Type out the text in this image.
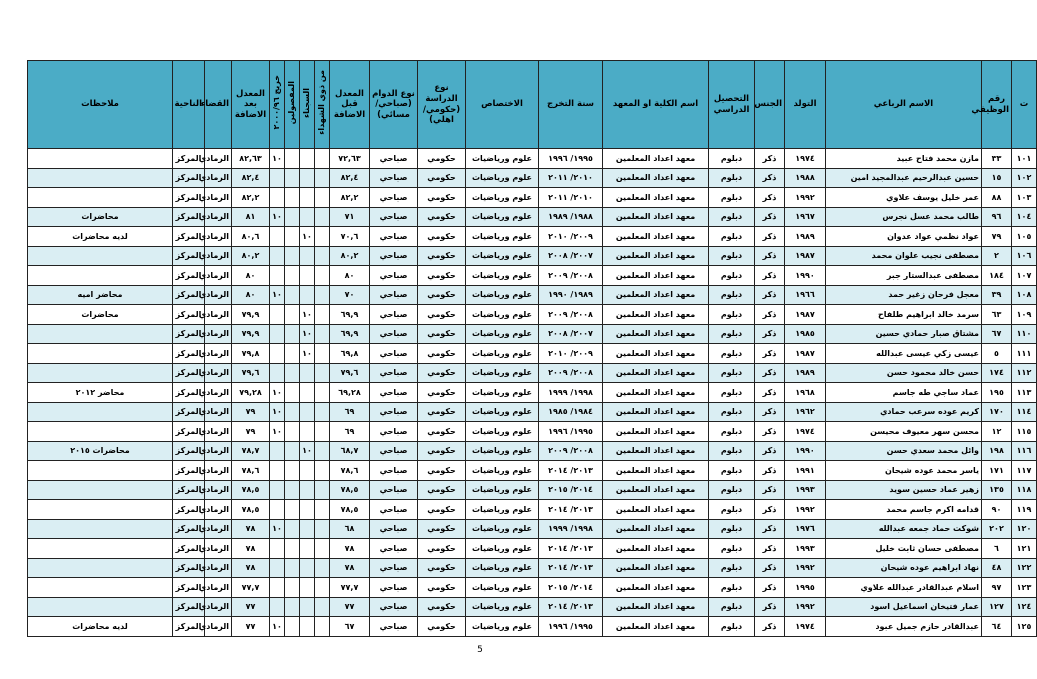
ت	رقم الوظيفي	الاسم الرباعي	التولد	الجنس	التحصيل الدراسي	اسم الكلية او المعهد	سنة التخرج	الاختصاص	نوع الدراسة (حكومي/اهلي)	نوع الدوام (صباحي/ مسائي)	المعدل قبل الاضافة	من ذوي الشهداء	السجناء	المفصولين	خريج ٢٠٠٠/٩٦	المعدل بعد الاضافة	القضاء	الناحية	ملاحظات
١٠١	٣٣	مازن محمد فتاح عبيد	١٩٧٤	ذكر	دبلوم	معهد اعداد المعلمين	١٩٩٥/ ١٩٩٦	علوم ورياضيات	حكومي	صباحي	٧٢,٦٣				١٠	٨٢,٦٣	الرمادي	المركز	
١٠٢	١٥	حسين عبدالرحيم عبدالمجيد امين	١٩٨٨	ذكر	دبلوم	معهد اعداد المعلمين	٢٠١٠/ ٢٠١١	علوم ورياضيات	حكومي	صباحي	٨٢,٤					٨٢,٤	الرمادي	المركز	
١٠٣	٨٨	عمر خليل يوسف علاوي	١٩٩٢	ذكر	دبلوم	معهد اعداد المعلمين	٢٠١٠/ ٢٠١١	علوم ورياضيات	حكومي	صباحي	٨٢,٢					٨٢,٢	الرمادي	المركز	
١٠٤	٩٦	طالب محمد عسل نجرس	١٩٦٧	ذكر	دبلوم	معهد اعداد المعلمين	١٩٨٨/ ١٩٨٩	علوم ورياضيات	حكومي	صباحي	٧١				١٠	٨١	الرمادي	المركز	محاضرات
١٠٥	٧٩	عواد نظمي عواد عدوان	١٩٨٩	ذكر	دبلوم	معهد اعداد المعلمين	٢٠٠٩/ ٢٠١٠	علوم ورياضيات	حكومي	صباحي	٧٠,٦		١٠			٨٠,٦	الرمادي	المركز	لديه محاضرات
١٠٦	٢	مصطفى نجيب علوان محمد	١٩٨٧	ذكر	دبلوم	معهد اعداد المعلمين	٢٠٠٧/ ٢٠٠٨	علوم ورياضيات	حكومي	صباحي	٨٠,٢					٨٠,٢	الرمادي	المركز	
١٠٧	١٨٤	مصطفى عبدالستار جبر	١٩٩٠	ذكر	دبلوم	معهد اعداد المعلمين	٢٠٠٨/ ٢٠٠٩	علوم ورياضيات	حكومي	صباحي	٨٠					٨٠	الرمادي	المركز	
١٠٨	٣٩	معجل فرحان زغير حمد	١٩٦٦	ذكر	دبلوم	معهد اعداد المعلمين	١٩٨٩/ ١٩٩٠	علوم ورياضيات	حكومي	صباحي	٧٠				١٠	٨٠	الرمادي	المركز	محاضر اميه
١٠٩	٦٣	سرمد خالد ابراهيم طلفاح	١٩٨٧	ذكر	دبلوم	معهد اعداد المعلمين	٢٠٠٨/ ٢٠٠٩	علوم ورياضيات	حكومي	صباحي	٦٩,٩		١٠			٧٩,٩	الرمادي	المركز	محاضرات
١١٠	٦٧	مشتاق صبار حمادي حسين	١٩٨٥	ذكر	دبلوم	معهد اعداد المعلمين	٢٠٠٧/ ٢٠٠٨	علوم ورياضيات	حكومي	صباحي	٦٩,٩		١٠			٧٩,٩	الرمادي	المركز	
١١١	٥	عيسى زكي عيسى عبدالله	١٩٨٧	ذكر	دبلوم	معهد اعداد المعلمين	٢٠٠٩/ ٢٠١٠	علوم ورياضيات	حكومي	صباحي	٦٩,٨		١٠			٧٩,٨	الرمادي	المركز	
١١٢	١٧٤	حسن خالد محمود حسن	١٩٨٩	ذكر	دبلوم	معهد اعداد المعلمين	٢٠٠٨/ ٢٠٠٩	علوم ورياضيات	حكومي	صباحي	٧٩,٦					٧٩,٦	الرمادي	المركز	
١١٣	١٩٥	عماد ساجي طه جاسم	١٩٦٨	ذكر	دبلوم	معهد اعداد المعلمين	١٩٩٨/ ١٩٩٩	علوم ورياضيات	حكومي	صباحي	٦٩,٢٨				١٠	٧٩,٢٨	الرمادي	المركز	محاضر ٢٠١٢
١١٤	١٧٠	كريم عوده سرعب حمادي	١٩٦٢	ذكر	دبلوم	معهد اعداد المعلمين	١٩٨٤/ ١٩٨٥	علوم ورياضيات	حكومي	صباحي	٦٩				١٠	٧٩	الرمادي	المركز	
١١٥	١٢	محسن سهر معيوف محيسن	١٩٧٤	ذكر	دبلوم	معهد اعداد المعلمين	١٩٩٥/ ١٩٩٦	علوم ورياضيات	حكومي	صباحي	٦٩				١٠	٧٩	الرمادي	المركز	
١١٦	١٩٨	وائل محمد سعدي حسن	١٩٩٠	ذكر	دبلوم	معهد اعداد المعلمين	٢٠٠٨/ ٢٠٠٩	علوم ورياضيات	حكومي	صباحي	٦٨,٧		١٠			٧٨,٧	الرمادي	المركز	محاضرات ٢٠١٥
١١٧	١٧١	ياسر محمد عوده شيحان	١٩٩١	ذكر	دبلوم	معهد اعداد المعلمين	٢٠١٣/ ٢٠١٤	علوم ورياضيات	حكومي	صباحي	٧٨,٦					٧٨,٦	الرمادي	المركز	
١١٨	١٣٥	زهير عماد حسين سويد	١٩٩٣	ذكر	دبلوم	معهد اعداد المعلمين	٢٠١٤/ ٢٠١٥	علوم ورياضيات	حكومي	صباحي	٧٨,٥					٧٨,٥	الرمادي	المركز	
١١٩	٩٠	قدامه اكرم جاسم محمد	١٩٩٢	ذكر	دبلوم	معهد اعداد المعلمين	٢٠١٣/ ٢٠١٤	علوم ورياضيات	حكومي	صباحي	٧٨,٥					٧٨,٥	الرمادي	المركز	
١٢٠	٢٠٢	شوكت حماد جمعه عبدالله	١٩٧٦	ذكر	دبلوم	معهد اعداد المعلمين	١٩٩٨/ ١٩٩٩	علوم ورياضيات	حكومي	صباحي	٦٨				١٠	٧٨	الرمادي	المركز	
١٢١	٦	مصطفى حسان ثابت خليل	١٩٩٣	ذكر	دبلوم	معهد اعداد المعلمين	٢٠١٣/ ٢٠١٤	علوم ورياضيات	حكومي	صباحي	٧٨					٧٨	الرمادي	المركز	
١٢٢	٤٨	نهاد ابراهيم عوده شيحان	١٩٩٢	ذكر	دبلوم	معهد اعداد المعلمين	٢٠١٣/ ٢٠١٤	علوم ورياضيات	حكومي	صباحي	٧٨					٧٨	الرمادي	المركز	
١٢٣	٩٧	اسلام عبدالقادر عبدالله علاوي	١٩٩٥	ذكر	دبلوم	معهد اعداد المعلمين	٢٠١٤/ ٢٠١٥	علوم ورياضيات	حكومي	صباحي	٧٧,٧					٧٧,٧	الرمادي	المركز	
١٢٤	١٢٧	عمار فتيخان اسماعيل اسود	١٩٩٢	ذكر	دبلوم	معهد اعداد المعلمين	٢٠١٣/ ٢٠١٤	علوم ورياضيات	حكومي	صباحي	٧٧					٧٧	الرمادي	المركز	
١٢٥	٦٤	عبدالقادر حازم جميل عبود	١٩٧٤	ذكر	دبلوم	معهد اعداد المعلمين	١٩٩٥/ ١٩٩٦	علوم ورياضيات	حكومي	صباحي	٦٧				١٠	٧٧	الرمادي	المركز	لديه محاضرات
5
